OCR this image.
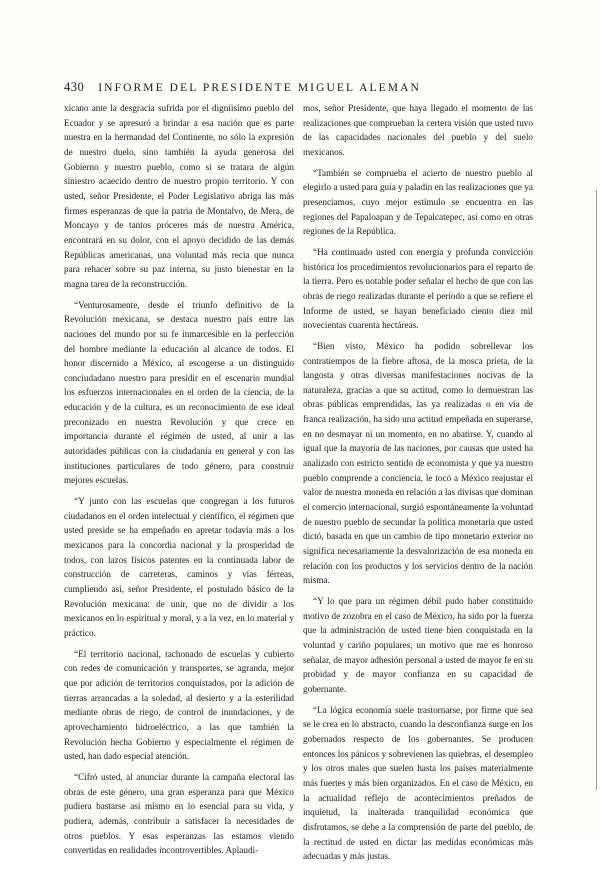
430 INFORME DEL PRESIDENTE MIGUEL ALEMAN

xicano ante la desgracia sufrida por el digníisimo pueblo del Ecuador y se apresuró a brindar a esa nación que es parte nuestra en la hermandad del Continente, no sólo la expresión de nuestro duelo, sino también la ayuda generosa del Gobierno y nuestro pueblo, como si se tratara de algún siniestro acaecido dentro de nuestro propio territorio. Y con usted, señor Presidente, el Poder Legislativo abriga las más firmes esperanzas de que la patria de Montalvo, de Mera, de Moncayo y de tantos próceres más de nuestra América, encontrará en su dolor, con el apoyo decidido de las demás Repúblicas americanas, una voluntad más recia que nunca para rehacer sobre su paz interna, su justo bienestar en la magna tarea de la reconstrucción.

“Venturosamente, desde el triunfo definitivo de la Revolución mexicana, se destaca nuestro país entre las naciones del mundo por su fe inmarcesible en la perfección del hombre mediante la educación al alcance de todos. El honor discernido a México, al escogerse a un distinguido conciudadano nuestro para presidir en el escenario mundial los esfuerzos internacionales en el orden de la ciencia, de la educación y de la cultura, es un reconocimiento de ese ideal preconizado en nuestra Revolución y que crece en importancia durante el régimen de usted, al unir a las autoridades públicas con la ciudadanía en general y con las instituciones particulares de todo género, para construir mejores escuelas.

“Y junto con las escuelas que congregan a los futuros ciudadanos en el orden intelectual y científico, el régimen que usted preside se ha empeñado en apretar todavía más a los mexicanos para la concordia nacional y la prosperidad de todos, con lazos físicos patentes en la continuada labor de construcción de carreteras, caminos y vías férreas, cumpliendo así, señor Presidente, el postulado básico de la Revolución mexicana: de unir, que no de dividir a los mexicanos en lo espiritual y moral, y a la vez, en lo material y práctico.

“El territorio nacional, tachonado de escuelas y cubierto con redes de comunicación y transportes, se agranda, mejor que por adición de territorios conquistados, por la adición de tierras arrancadas a la soledad, al desierto y a la esterilidad mediante obras de riego, de control de inundaciones, y de aprovechamiento hidroeléctrico, a las que también la Revolución hecha Gobierno y especialmente el régimen de usted, han dado especial atención.

“Cifró usted, al anunciar durante la campaña electoral las obras de este género, una gran esperanza para que México pudiera bastarse así mismo en lo esencial para su vida, y pudiera, además, contribuir a satisfacer la necesidades de otros pueblos. Y esas esperanzas las estamos viendo convertidas en realidades incontrovertibles. Aplaudi-

mos, señor Presidente, que haya llegado el momento de las realizaciones que comprueban la certera visión que usted tuvo de las capacidades nacionales del pueblo y del suelo mexicanos.

“También se comprueba el acierto de nuestro pueblo al elegirlo a usted para guía y paladín en las realizaciones que ya presenciamos, cuyo mejor estímulo se encuentra en las regiones del Papaloapan y de Tepalcatepec, así como en otras regiones de la República.

“Ha continuado usted con energía y profunda convicción histórica los procedimientos revolucionarios para el reparto de la tierra. Pero es notable poder señalar el hecho de que con las obras de riego realizadas durante el período a que se refiere el Informe de usted, se hayan beneficiado ciento diez mil novecientas cuarenta hectáreas.

“Bien visto, México ha podido sobrellevar los contratiempos de la fiebre aftosa, de la mosca prieta, de la langosta y otras diversas manifestaciones nocivas de la naturaleza, gracias a que su actitud, como lo demuestran las obras públicas emprendidas, las ya realizadas o en vía de franca realización, ha sido una actitud empeñada en superarse, en no desmayar ni un momento, en no abatirse. Y, cuando al igual que la mayoría de las naciones, por causas que usted ha analizado con estricto sentido de economista y que ya nuestro pueblo comprende a conciencia, le tocó a México reajustar el valor de nuestra moneda en relación a las divisas que dominan el comercio internacional, surgió espontáneamente la voluntad de nuestro pueblo de secundar la política monetaria que usted dictó, basada en que un cambio de tipo monetario exterior no significa necesariamente la desvalorización de esa moneda en relación con los productos y los servicios dentro de la nación misma.

“Y lo que para un régimen débil pudo haber constituido motivo de zozobra en el caso de México, ha sido por la fuerza que la administración de usted tiene bien conquistada en la voluntad y cariño populares, un motivo que me es honroso señalar, de mayor adhesión personal a usted de mayor fe en su probidad y de mayor confianza en su capacidad de gobernante.

“La lógica economía suele trastornarse, por firme que sea se le crea en lo abstracto, cuando la desconfianza surge en los gobernados respecto de los gobernantes. Se producen entonces los pánicos y sobrevienen las quiebras, el desempleo y los otros males que suelen hasta los países materialmente más fuertes y más bien organizados. En el caso de México, en la actualidad reflejo de acontecimientos preñados de inquietud, la inalterada tranquilidad económica que disfrutamos, se debe a la comprensión de parte del pueblo, de la rectitud de usted en dictar las medidas económicas más adecuadas y más justas.
